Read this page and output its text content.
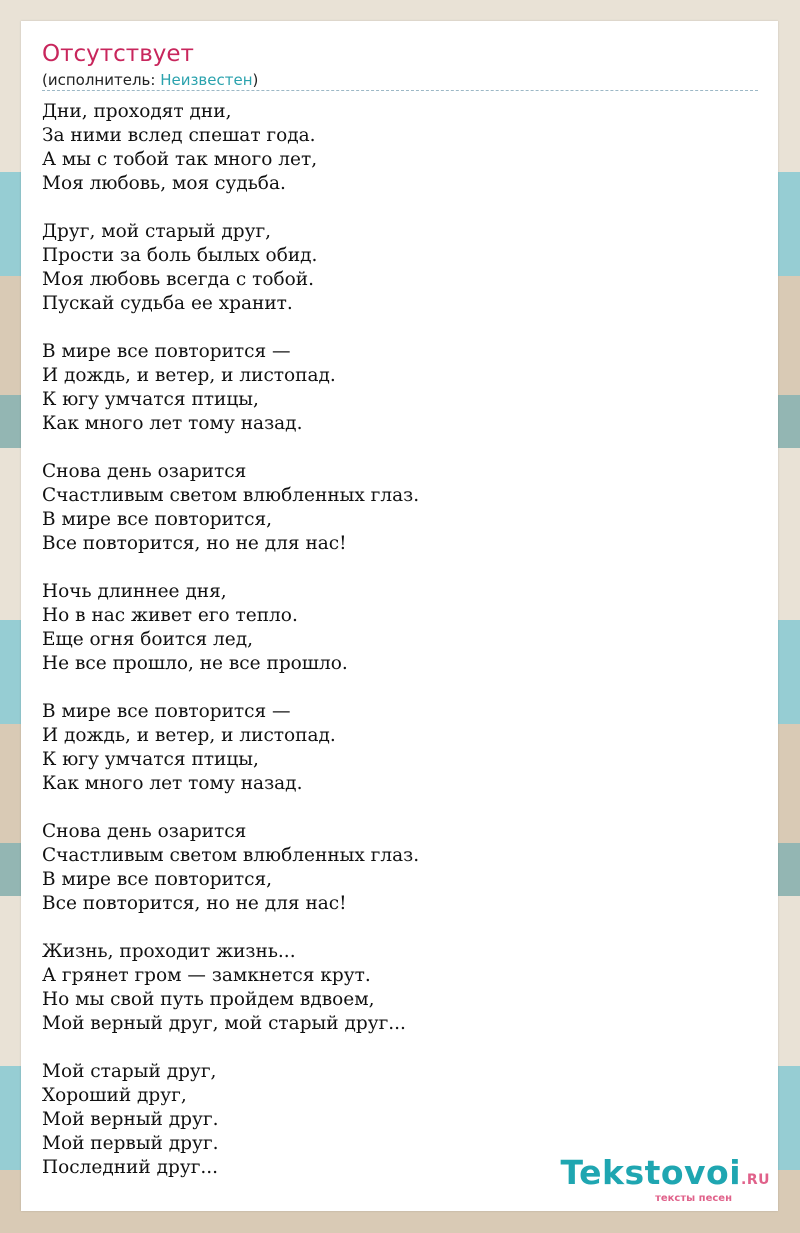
Отсутствует
(исполнитель: Неизвестен)
Дни, проходят дни,
За ними вслед спешат года.
А мы с тобой так много лет,
Моя любовь, моя судьба.
Друг, мой старый друг,
Прости за боль былых обид.
Моя любовь всегда с тобой.
Пускай судьба ее хранит.
В мире все повторится —
И дождь, и ветер, и листопад.
К югу умчатся птицы,
Как много лет тому назад.
Снова день озарится
Счастливым светом влюбленных глаз.
В мире все повторится,
Все повторится, но не для нас!
Ночь длиннее дня,
Но в нас живет его тепло.
Еще огня боится лед,
Не все прошло, не все прошло.
В мире все повторится —
И дождь, и ветер, и листопад.
К югу умчатся птицы,
Как много лет тому назад.
Снова день озарится
Счастливым светом влюбленных глаз.
В мире все повторится,
Все повторится, но не для нас!
Жизнь, проходит жизнь...
А грянет гром — замкнется крут.
Но мы свой путь пройдем вдвоем,
Мой верный друг, мой старый друг...
Мой старый друг,
Хороший друг,
Мой верный друг.
Мой первый друг.
Последний друг...	Tekstovoi.RU
тексты песен
